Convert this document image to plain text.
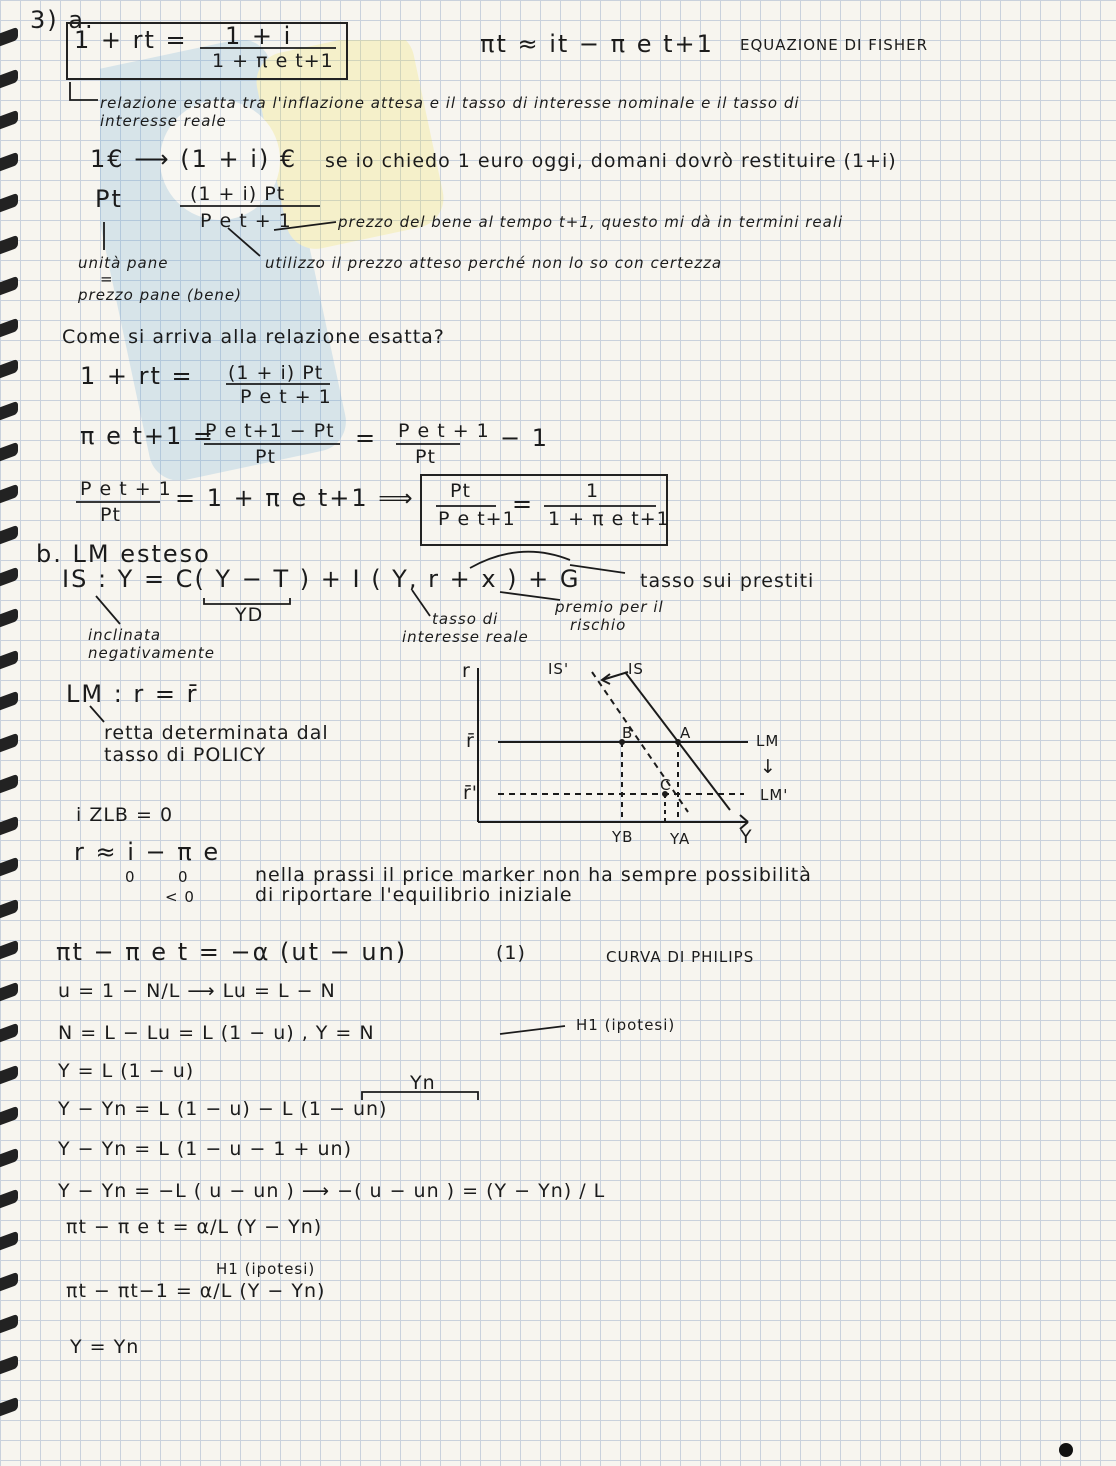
3) a.
1 + rt = 1 + i
1 + π e t+1
πt ≈ it − π e t+1 EQUAZIONE DI FISHER
relazione esatta tra l'inflazione attesa e il tasso di interesse nominale e il tasso di
interesse reale
1€ ⟶ (1 + i) € se io chiedo 1 euro oggi, domani dovrò restituire (1+i)
Pt	(1 + i) Pt
P e t + 1	prezzo del bene al tempo t+1, questo mi dà in termini reali
utilizzo il prezzo atteso perché non lo so con certezza
unità pane
=
prezzo pane (bene)
Come si arriva alla relazione esatta?
1 + rt = (1 + i) Pt
P e t + 1
π e t+1 =
P e t+1 − Pt
Pt
= P e t + 1
Pt
− 1
P e t + 1
Pt
= 1 + π e t+1 ⟹ Pt
P e t+1
=	1
1 + π e t+1
b. LM esteso
IS : Y = C( Y − T ) + I ( Y, r + x ) + G
YD
tasso sui prestiti
premio per il
rischio
tasso di
interesse reale
inclinata
negativamente
LM : r = r̄
retta determinata dal
tasso di POLICY
i ZLB = 0
r ≈ i − π e
0	0
< 0
nella prassi il price marker non ha sempre possibilità
di riportare l'equilibrio iniziale
r
Y
IS
IS'
LM
LM'
↓
r̄
r̄'
A
B
C
YB YA
πt − π e t = −α (ut − un)	(1)	CURVA DI PHILIPS
u = 1 − N/L ⟶ Lu = L − N
N = L − Lu = L (1 − u) , Y = N	H1 (ipotesi)
Y = L (1 − u)
Yn
Y − Yn = L (1 − u) − L (1 − un)
Y − Yn = L (1 − u − 1 + un)
Y − Yn = −L ( u − un ) ⟶ −( u − un ) = (Y − Yn) / L
πt − π e t = α/L (Y − Yn)
H1 (ipotesi)
πt − πt−1 = α/L (Y − Yn)
Y = Yn
